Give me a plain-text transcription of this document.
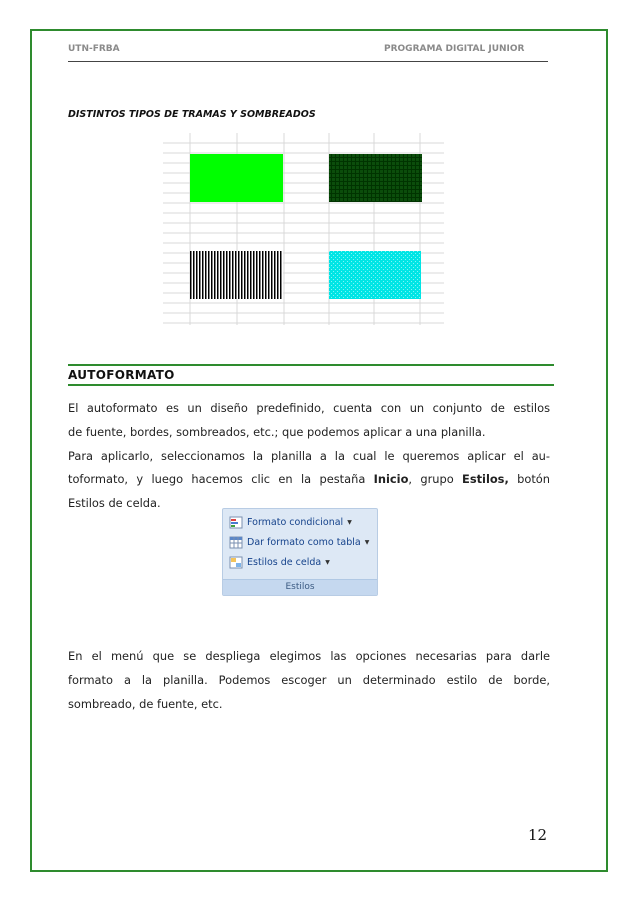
UTN-FRBA	PROGRAMA DIGITAL JUNIOR
DISTINTOS TIPOS DE TRAMAS Y SOMBREADOS
AUTOFORMATO

El autoformato es un diseño predefinido, cuenta con un conjunto de estilos

de fuente, bordes, sombreados, etc.; que podemos aplicar a una planilla.

Para aplicarlo, seleccionamos la planilla a la cual le queremos aplicar el au-

toformato, y luego hacemos clic en la pestaña Inicio, grupo Estilos, botón

Estilos de celda.

Formato condicional ▼
Dar formato como tabla ▼
Estilos de celda ▼
Estilos

En el menú que se despliega elegimos las opciones necesarias para darle

formato a la planilla. Podemos escoger un determinado estilo de borde,

sombreado, de fuente, etc.

12
